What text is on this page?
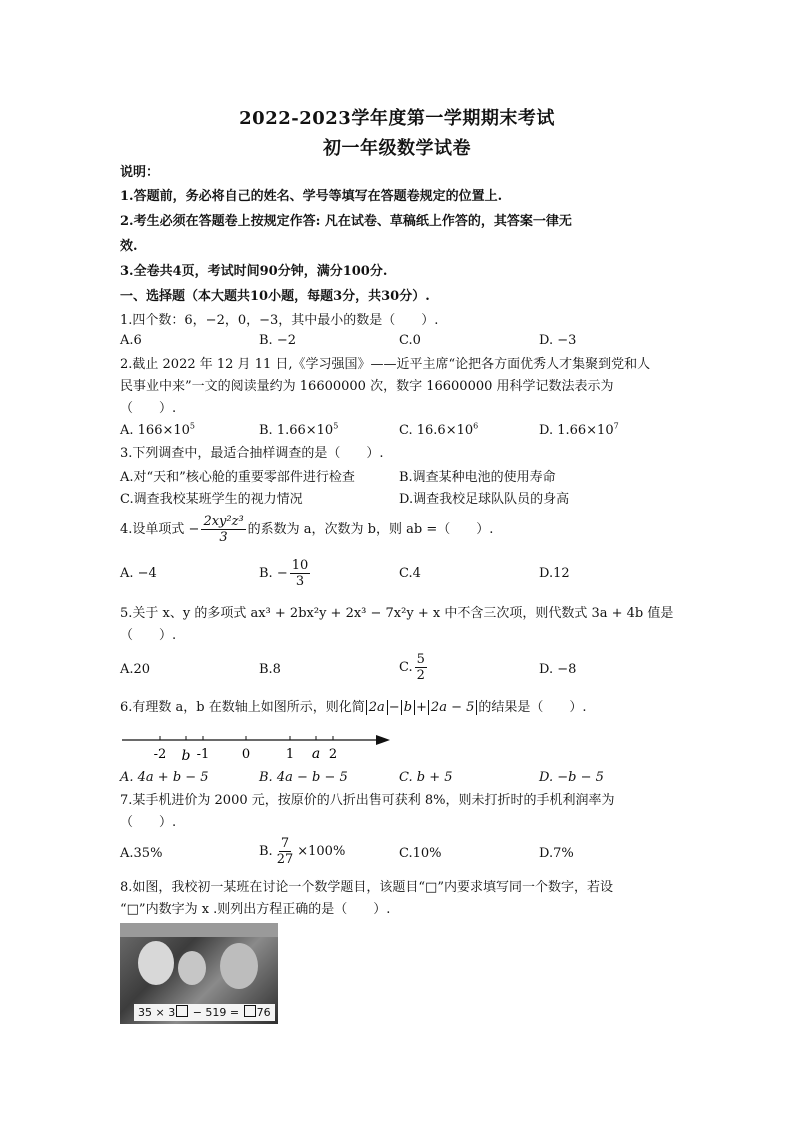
2022-2023学年度第一学期期末考试
初一年级数学试卷
说明：
1.答题前，务必将自己的姓名、学号等填写在答题卷规定的位置上.
2.考生必须在答题卷上按规定作答: 凡在试卷、草稿纸上作答的，其答案一律无
效.
3.全卷共4页，考试时间90分钟，满分100分.
一、选择题（本大题共10小题，每题3分，共30分）.
1.四个数：6，−2，0，−3，其中最小的数是（　　）.
A.6	B. −2	C.0	D. −3
2.截止 2022 年 12 月 11 日,《学习强国》——近平主席“论把各方面优秀人才集聚到党和人
民事业中来”一文的阅读量约为 16600000 次，数字 16600000 用科学记数法表示为
（　　）.
A. $166\times 10^5$	B. $1.66\times 10^5$	C. $16.6\times 10^6$	D. $1.66\times 10^7$
3.下列调查中，最适合抽样调查的是（　　）.
A.对“天和”核心舱的重要零部件进行检查	B.调查某种电池的使用寿命
C.调查我校某班学生的视力情况	D.调查我校足球队队员的身高
4.设单项式 − $\frac{\text{2xy²z³}}{3}$ 的系数为 a，次数为 b，则 ab =（　　）.
A. −4	B. − $\frac{10}{3}$	C.4	D.12
5.关于 x、y 的多项式 ax³ + 2bx²y + 2x³ − 7x²y + x 中不含三次项，则代数式 3a + 4b 值是
（　　）.
A.20	B.8	C. $\frac{5}{2}$	D. −8
6.有理数 a，b 在数轴上如图所示，则化简 2a − b + 2a − 5 的结果是（　　）.
-2 b -1	0	1 a 2
A. 4a + b − 5	B. 4a − b − 5	C. b + 5	D. −b − 5
7.某手机进价为 2000 元，按原价的八折出售可获利 8%，则未打折时的手机利润率为
（　　）.
A.35%	B. $\frac{7}{27} \times 100\%$	C.10%	D.7%
8.如图，我校初一某班在讨论一个数学题目，该题目“□”内要求填写同一个数字，若设
“□”内数字为 x .则列出方程正确的是（　　）.
35 × 3 − 519 = 76
